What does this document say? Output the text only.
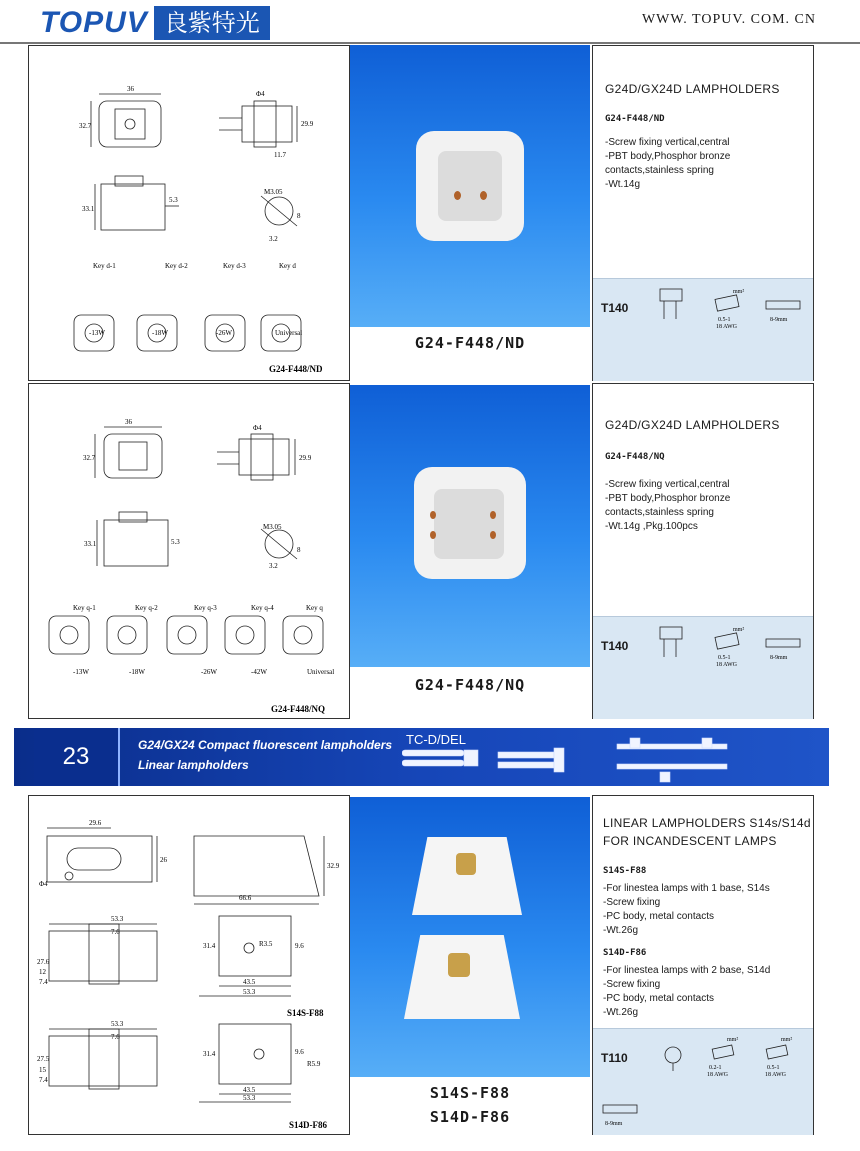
TOPUV 良紫特光	WWW. TOPUV. COM. CN
36
32.7
Φ4
29.9
11.7
33.1
5.3
M3.05
3.2
8
Key d-1	Key d-2	Key d-3	Key d
-13W	-18W	-26W	Universal
G24-F448/ND
G24-F448/ND
G24D/GX24D LAMPHOLDERS
G24-F448/ND
-Screw fixing vertical,central
-PBT body,Phosphor bronze
contacts,stainless spring
-Wt.14g
T140
mm²
0.5-1
18 AWG
8-9mm
36
32.7
Φ4
29.9
33.1	5.3
M3.05
3.2
8
Key q-1	Key q-2	Key q-3	Key q-4	Key q
-13W	-18W	-26W	-42W	Universal
G24-F448/NQ
G24-F448/NQ
G24D/GX24D LAMPHOLDERS
G24-F448/NQ
-Screw fixing vertical,central
-PBT body,Phosphor bronze
contacts,stainless spring
-Wt.14g ,Pkg.100pcs
T140
mm²
0.5-1
18 AWG
8-9mm
23	G24/GX24 Compact fluorescent lampholders
Linear lampholders
TC-D/DEL
29.6
Φ4
26
66.6
32.9
53.3
7.6
27.6
12
7.4
31.4	R3.5	9.6
43.5
53.3
S14S-F88
53.3
7.6
27.5
15
7.4
31.4	9.6
R5.9
43.5
53.3
S14D-F86
S14S-F88
S14D-F86
LINEAR LAMPHOLDERS S14s/S14d
FOR INCANDESCENT LAMPS
S14S-F88
-For linestea lamps with 1 base, S14s
-Screw fixing
-PC body, metal contacts
-Wt.26g
S14D-F86
-For linestea lamps with 2 base, S14d
-Screw fixing
-PC body, metal contacts
-Wt.26g
T110
mm²
0.2-1
18 AWG
mm²
0.5-1
18 AWG
8-9mm
